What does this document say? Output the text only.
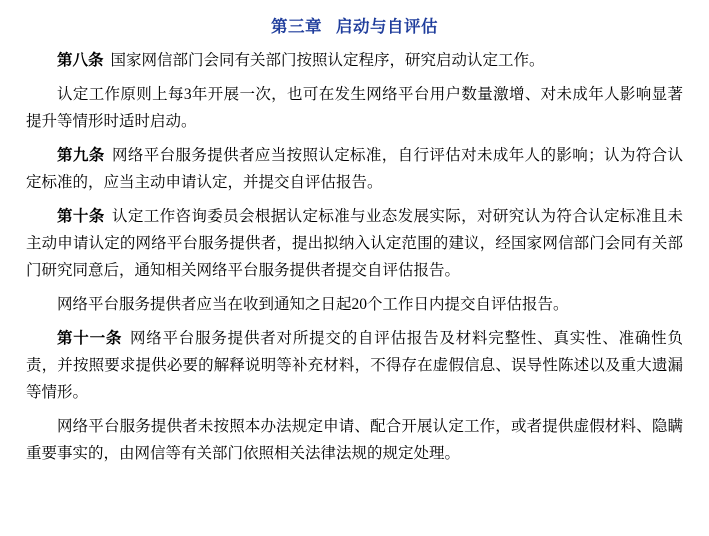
第三章 启动与自评估

第八条 国家网信部门会同有关部门按照认定程序，研究启动认定工作。

认定工作原则上每3年开展一次，也可在发生网络平台用户数量激增、对未成年人影响显著提升等情形时适时启动。

第九条 网络平台服务提供者应当按照认定标准，自行评估对未成年人的影响；认为符合认定标准的，应当主动申请认定，并提交自评估报告。

第十条 认定工作咨询委员会根据认定标准与业态发展实际，对研究认为符合认定标准且未主动申请认定的网络平台服务提供者，提出拟纳入认定范围的建议，经国家网信部门会同有关部门研究同意后，通知相关网络平台服务提供者提交自评估报告。

网络平台服务提供者应当在收到通知之日起20个工作日内提交自评估报告。

第十一条 网络平台服务提供者对所提交的自评估报告及材料完整性、真实性、准确性负责，并按照要求提供必要的解释说明等补充材料，不得存在虚假信息、误导性陈述以及重大遗漏等情形。

网络平台服务提供者未按照本办法规定申请、配合开展认定工作，或者提供虚假材料、隐瞒重要事实的，由网信等有关部门依照相关法律法规的规定处理。
